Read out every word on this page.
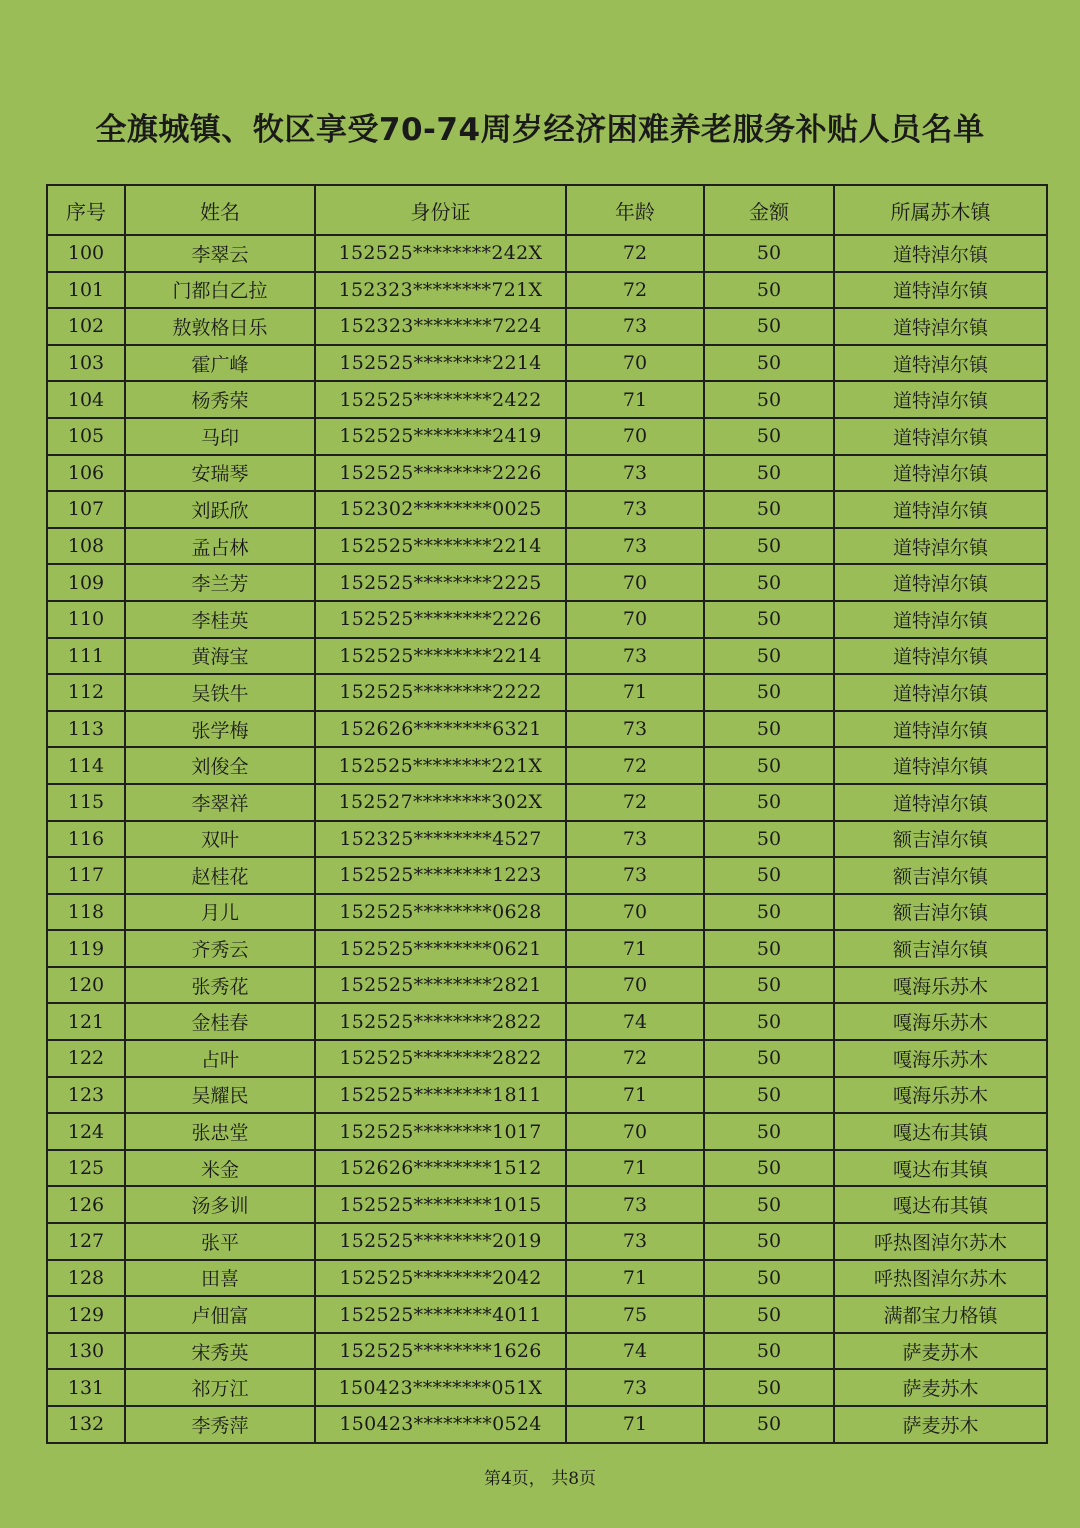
全旗城镇、牧区享受70-74周岁经济困难养老服务补贴人员名单
序号	姓名	身份证	年龄	金额	所属苏木镇
100	李翠云	152525********242X	72	50	道特淖尔镇
101	门都白乙拉	152323********721X	72	50	道特淖尔镇
102	敖敦格日乐	152323********7224	73	50	道特淖尔镇
103	霍广峰	152525********2214	70	50	道特淖尔镇
104	杨秀荣	152525********2422	71	50	道特淖尔镇
105	马印	152525********2419	70	50	道特淖尔镇
106	安瑞琴	152525********2226	73	50	道特淖尔镇
107	刘跃欣	152302********0025	73	50	道特淖尔镇
108	孟占林	152525********2214	73	50	道特淖尔镇
109	李兰芳	152525********2225	70	50	道特淖尔镇
110	李桂英	152525********2226	70	50	道特淖尔镇
111	黄海宝	152525********2214	73	50	道特淖尔镇
112	吴铁牛	152525********2222	71	50	道特淖尔镇
113	张学梅	152626********6321	73	50	道特淖尔镇
114	刘俊全	152525********221X	72	50	道特淖尔镇
115	李翠祥	152527********302X	72	50	道特淖尔镇
116	双叶	152325********4527	73	50	额吉淖尔镇
117	赵桂花	152525********1223	73	50	额吉淖尔镇
118	月儿	152525********0628	70	50	额吉淖尔镇
119	齐秀云	152525********0621	71	50	额吉淖尔镇
120	张秀花	152525********2821	70	50	嘎海乐苏木
121	金桂春	152525********2822	74	50	嘎海乐苏木
122	占叶	152525********2822	72	50	嘎海乐苏木
123	吴耀民	152525********1811	71	50	嘎海乐苏木
124	张忠堂	152525********1017	70	50	嘎达布其镇
125	米金	152626********1512	71	50	嘎达布其镇
126	汤多训	152525********1015	73	50	嘎达布其镇
127	张平	152525********2019	73	50	呼热图淖尔苏木
128	田喜	152525********2042	71	50	呼热图淖尔苏木
129	卢佃富	152525********4011	75	50	满都宝力格镇
130	宋秀英	152525********1626	74	50	萨麦苏木
131	祁万江	150423********051X	73	50	萨麦苏木
132	李秀萍	150423********0524	71	50	萨麦苏木
第4页， 共8页
